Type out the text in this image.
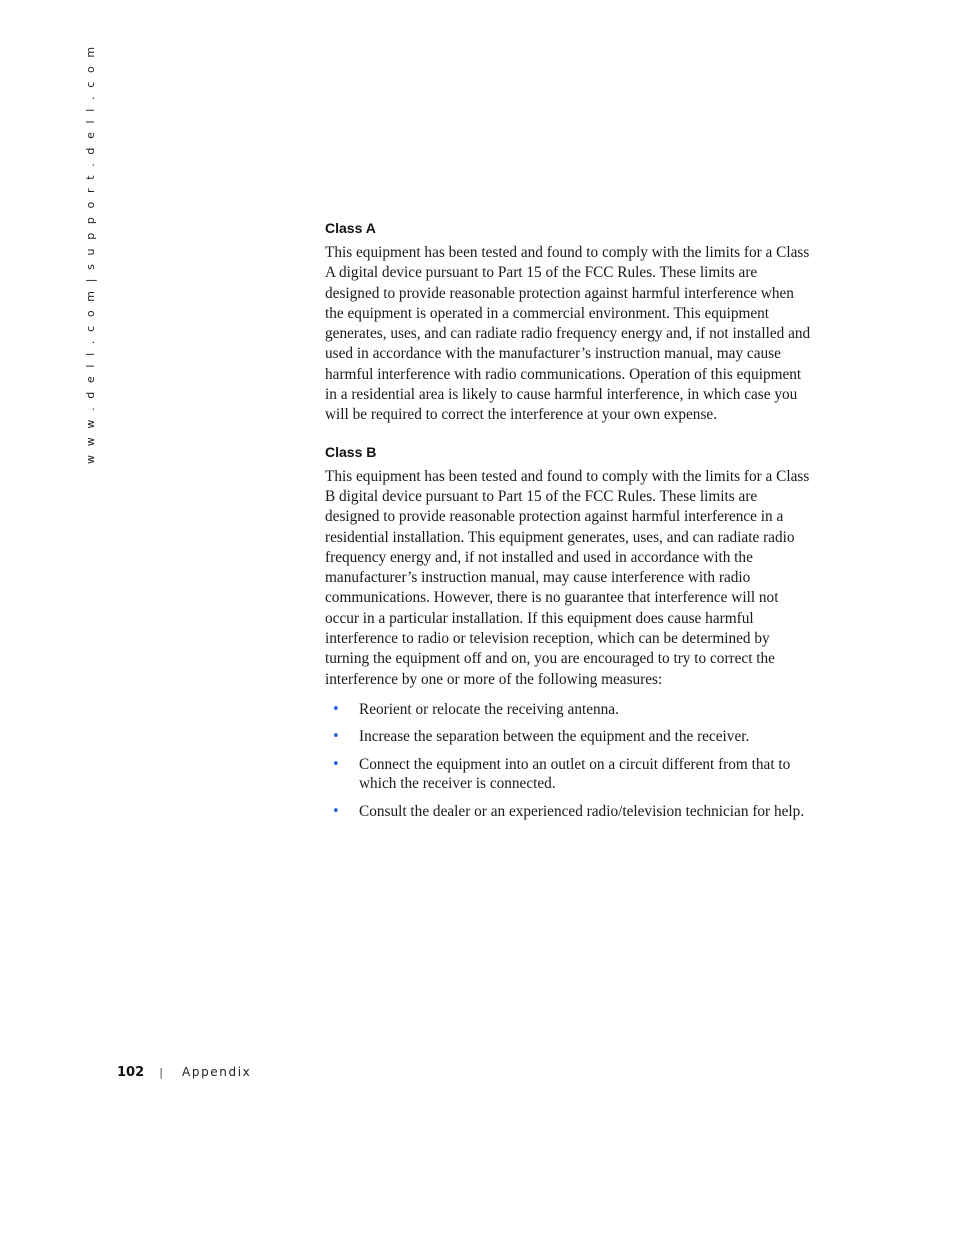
w w w . d e l l . c o m | s u p p o r t . d e l l . c o m	Class A

This equipment has been tested and found to comply with the limits for a Class A digital device pursuant to Part 15 of the FCC Rules. These limits are designed to provide reasonable protection against harmful interference when the equipment is operated in a commercial environment. This equipment generates, uses, and can radiate radio frequency energy and, if not installed and used in accordance with the manufacturer’s instruction manual, may cause harmful interference with radio communications. Operation of this equipment in a residential area is likely to cause harmful interference, in which case you will be required to correct the interference at your own expense.

Class B

This equipment has been tested and found to comply with the limits for a Class B digital device pursuant to Part 15 of the FCC Rules. These limits are designed to provide reasonable protection against harmful interference in a residential installation. This equipment generates, uses, and can radiate radio frequency energy and, if not installed and used in accordance with the manufacturer’s instruction manual, may cause interference with radio communications. However, there is no guarantee that interference will not occur in a particular installation. If this equipment does cause harmful interference to radio or television reception, which can be determined by turning the equipment off and on, you are encouraged to try to correct the interference by one or more of the following measures:

• Reorient or relocate the receiving antenna.
• Increase the separation between the equipment and the receiver.
• Connect the equipment into an outlet on a circuit different from that to which the receiver is connected.
• Consult the dealer or an experienced radio/television technician for help.
102 | Appendix
